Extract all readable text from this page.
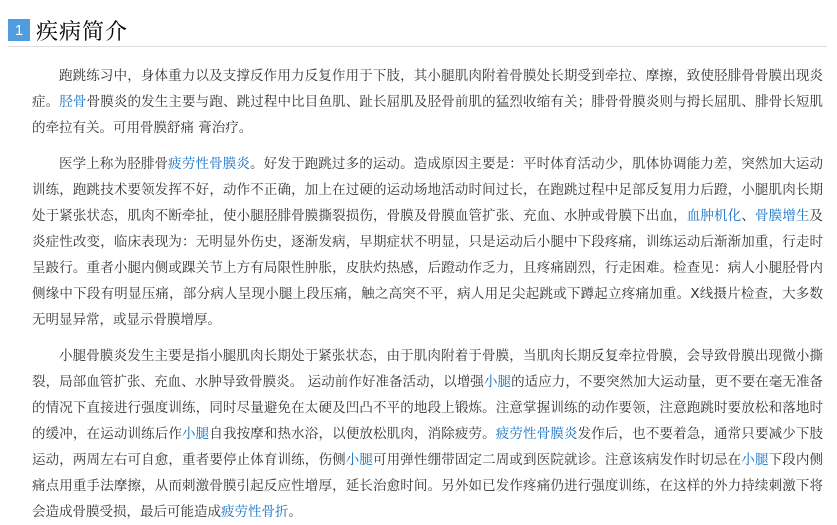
1 疾病简介

跑跳练习中，身体重力以及支撑反作用力反复作用于下肢，其小腿肌肉附着骨膜处长期受到牵拉、摩擦，致使胫腓骨骨膜出现炎症。胫骨骨膜炎的发生主要与跑、跳过程中比目鱼肌、趾长屈肌及胫骨前肌的猛烈收缩有关；腓骨骨膜炎则与拇长屈肌、腓骨长短肌的牵拉有关。可用骨膜舒痛 膏治疗。

医学上称为胫腓骨疲劳性骨膜炎。好发于跑跳过多的运动。造成原因主要是：平时体育活动少，肌体协调能力差，突然加大运动训练，跑跳技术要领发挥不好，动作不正确，加上在过硬的运动场地活动时间过长，在跑跳过程中足部反复用力后蹬，小腿肌肉长期处于紧张状态，肌肉不断牵扯，使小腿胫腓骨膜撕裂损伤，骨膜及骨膜血管扩张、充血、水肿或骨膜下出血，血肿机化、骨膜增生及炎症性改变，临床表现为：无明显外伤史，逐渐发病，早期症状不明显，只是运动后小腿中下段疼痛，训练运动后渐渐加重，行走时呈跛行。重者小腿内侧或踝关节上方有局限性肿胀，皮肤灼热感，后蹬动作乏力，且疼痛剧烈，行走困难。检查见：病人小腿胫骨内侧缘中下段有明显压痛，部分病人呈现小腿上段压痛，触之高突不平，病人用足尖起跳或下蹲起立疼痛加重。X线摄片检查，大多数无明显异常，或显示骨膜增厚。

小腿骨膜炎发生主要是指小腿肌肉长期处于紧张状态，由于肌肉附着于骨膜，当肌肉长期反复牵拉骨膜，会导致骨膜出现微小撕裂，局部血管扩张、充血、水肿导致骨膜炎。 运动前作好准备活动，以增强小腿的适应力，不要突然加大运动量，更不要在毫无准备的情况下直接进行强度训练，同时尽量避免在太硬及凹凸不平的地段上锻炼。注意掌握训练的动作要领，注意跑跳时要放松和落地时的缓冲，在运动训练后作小腿自我按摩和热水浴，以便放松肌肉，消除疲劳。疲劳性骨膜炎发作后，也不要着急，通常只要减少下肢运动，两周左右可自愈，重者要停止体育训练，伤侧小腿可用弹性绷带固定二周或到医院就诊。注意该病发作时切忌在小腿下段内侧痛点用重手法摩擦，从而刺激骨膜引起反应性增厚，延长治愈时间。另外如已发作疼痛仍进行强度训练，在这样的外力持续刺激下将会造成骨膜受损，最后可能造成疲劳性骨折。
